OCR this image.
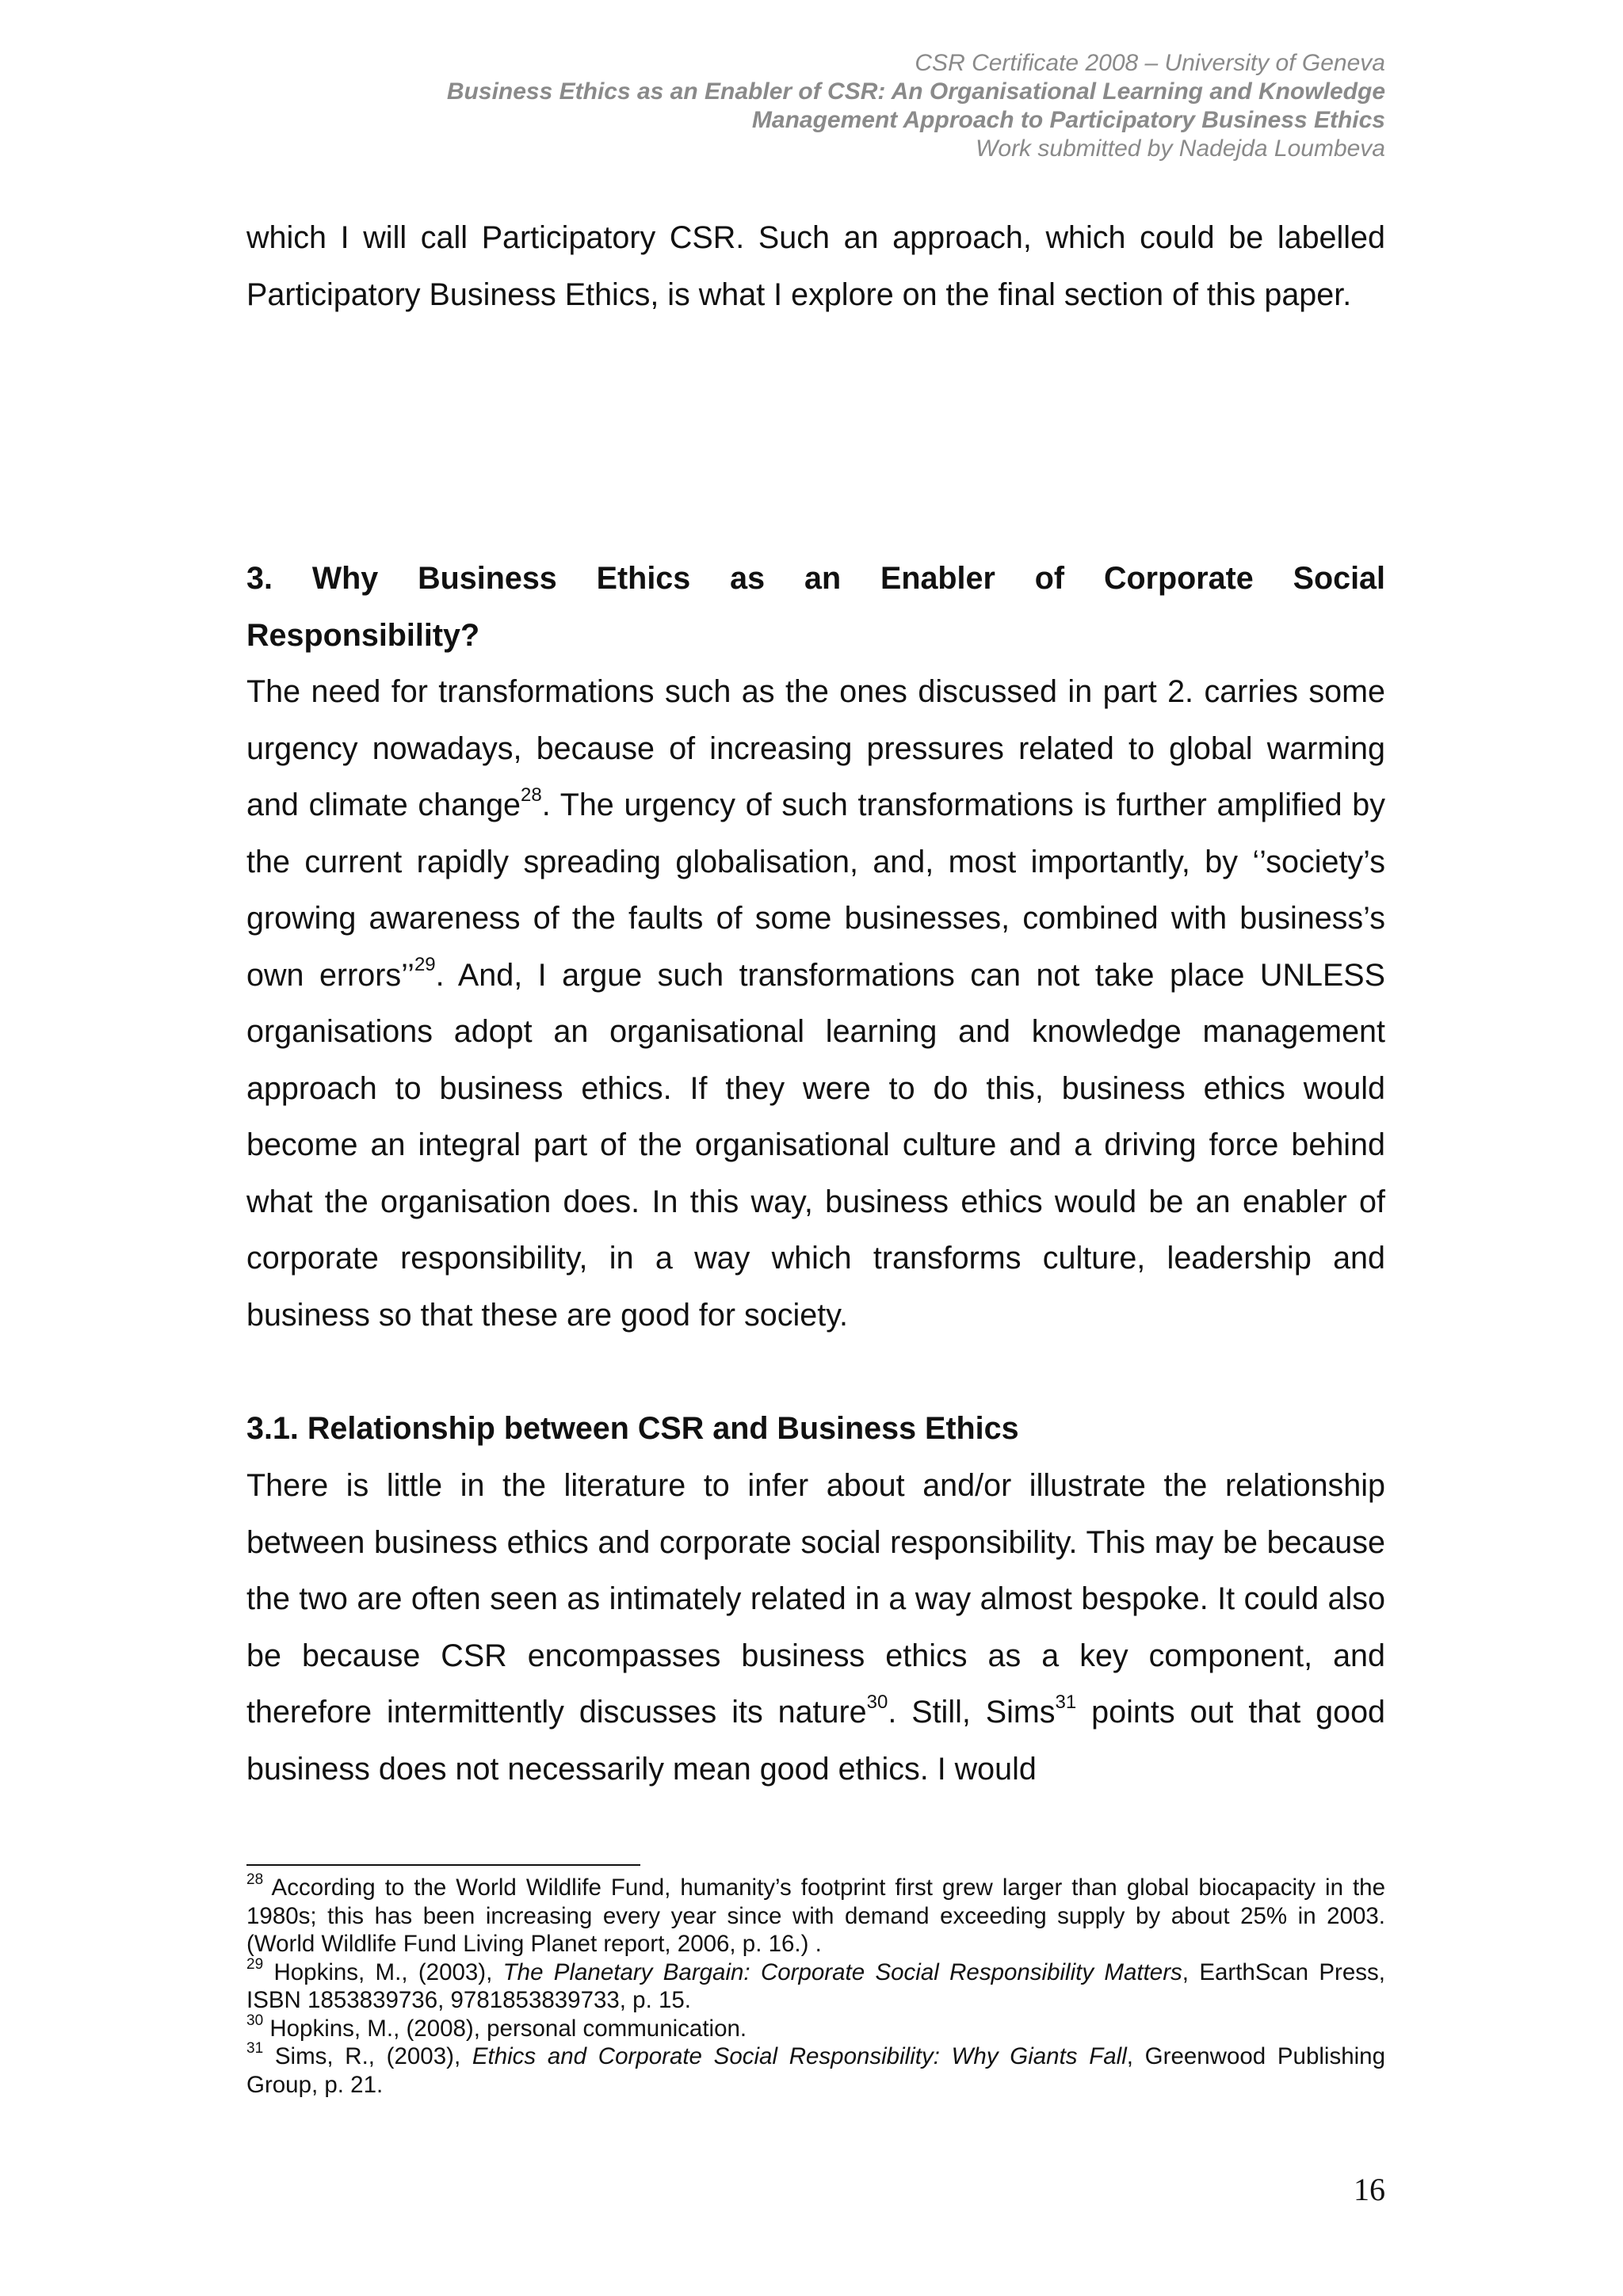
CSR Certificate 2008 – University of Geneva
Business Ethics as an Enabler of CSR: An Organisational Learning and Knowledge
Management Approach to Participatory Business Ethics
Work submitted by Nadejda Loumbeva

which I will call Participatory CSR. Such an approach, which could be labelled Participatory Business Ethics, is what I explore on the final section of this paper.

3. Why Business Ethics as an Enabler of Corporate Social
Responsibility?

The need for transformations such as the ones discussed in part 2. carries some urgency nowadays, because of increasing pressures related to global warming and climate change$^{28}$. The urgency of such transformations is further amplified by the current rapidly spreading globalisation, and, most importantly, by ‘’society’s growing awareness of the faults of some businesses, combined with business’s own errors’’$^{29}$. And, I argue such transformations can not take place UNLESS organisations adopt an organisational learning and knowledge management approach to business ethics. If they were to do this, business ethics would become an integral part of the organisational culture and a driving force behind what the organisation does. In this way, business ethics would be an enabler of corporate responsibility, in a way which transforms culture, leadership and business so that these are good for society.

3.1. Relationship between CSR and Business Ethics

There is little in the literature to infer about and/or illustrate the relationship between business ethics and corporate social responsibility. This may be because the two are often seen as intimately related in a way almost bespoke. It could also be because CSR encompasses business ethics as a key component, and therefore intermittently discusses its nature$^{30}$. Still, Sims$^{31}$ points out that good business does not necessarily mean good ethics. I would

$^{28}$ According to the World Wildlife Fund, humanity’s footprint first grew larger than global biocapacity in the 1980s; this has been increasing every year since with demand exceeding supply by about 25% in 2003. (World Wildlife Fund Living Planet report, 2006, p. 16.) .

$^{29}$ Hopkins, M., (2003), The Planetary Bargain: Corporate Social Responsibility Matters, EarthScan Press, ISBN 1853839736, 9781853839733, p. 15.

$^{30}$ Hopkins, M., (2008), personal communication.

$^{31}$ Sims, R., (2003), Ethics and Corporate Social Responsibility: Why Giants Fall, Greenwood Publishing Group, p. 21.

16
